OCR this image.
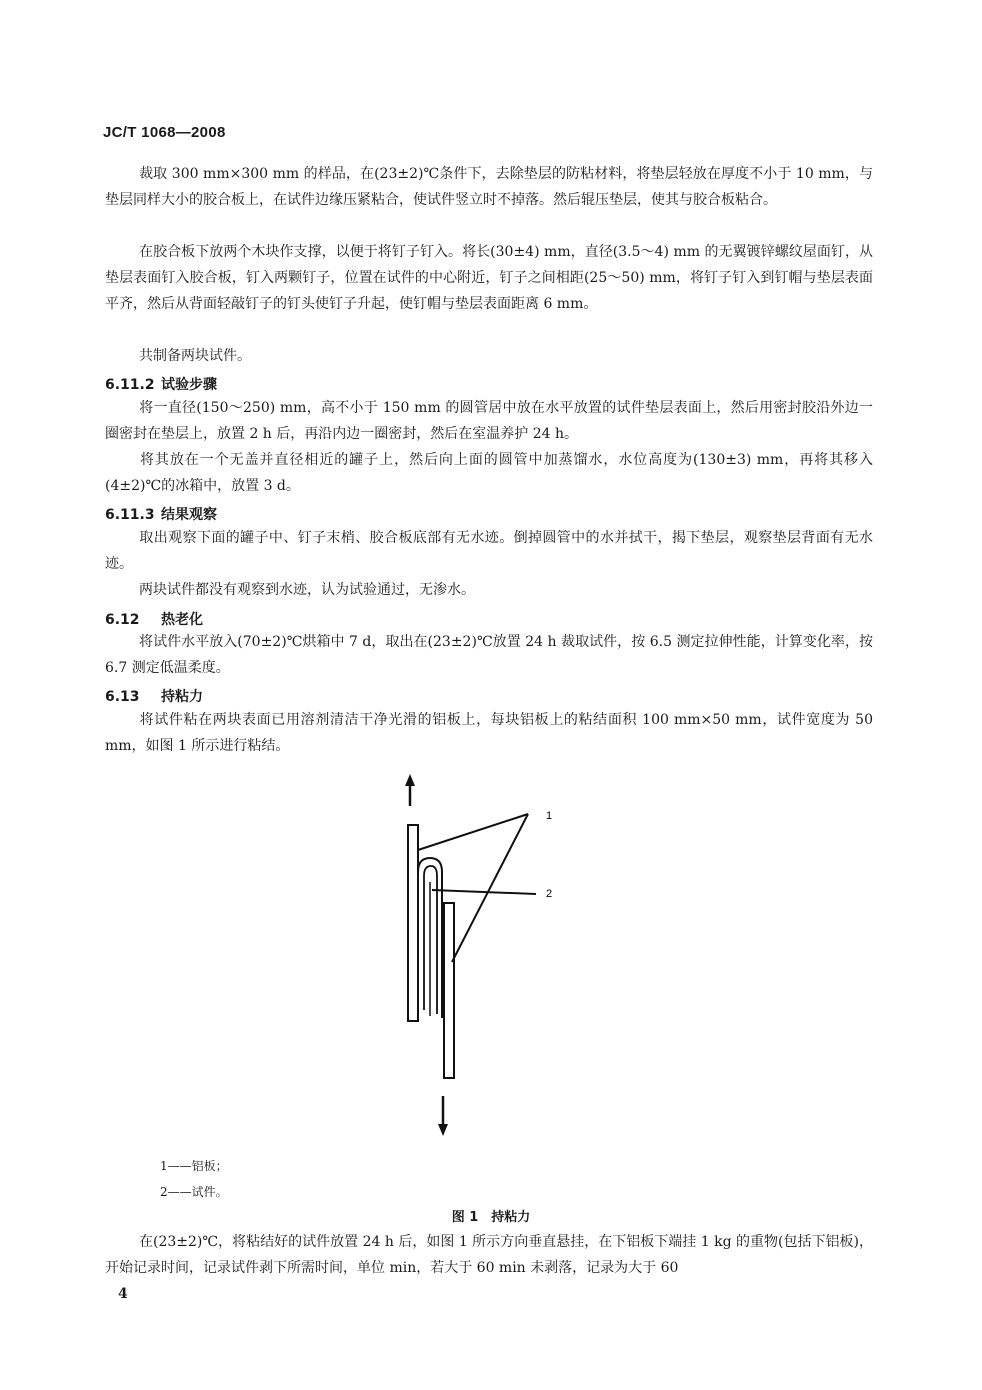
JC/T 1068—2008

裁取 300 mm×300 mm 的样品，在(23±2)℃条件下，去除垫层的防粘材料，将垫层轻放在厚度不小于 10 mm，与垫层同样大小的胶合板上，在试件边缘压紧粘合，使试件竖立时不掉落。然后辊压垫层，使其与胶合板粘合。

在胶合板下放两个木块作支撑，以便于将钉子钉入。将长(30±4) mm，直径(3.5～4) mm 的无翼镀锌螺纹屋面钉，从垫层表面钉入胶合板，钉入两颗钉子，位置在试件的中心附近，钉子之间相距(25～50) mm，将钉子钉入到钉帽与垫层表面平齐，然后从背面轻敲钉子的钉头使钉子升起，使钉帽与垫层表面距离 6 mm。

共制备两块试件。

6.11.2 试验步骤

将一直径(150～250) mm，高不小于 150 mm 的圆管居中放在水平放置的试件垫层表面上，然后用密封胶沿外边一圈密封在垫层上，放置 2 h 后，再沿内边一圈密封，然后在室温养护 24 h。

将其放在一个无盖并直径相近的罐子上，然后向上面的圆管中加蒸馏水，水位高度为(130±3) mm，再将其移入(4±2)℃的冰箱中，放置 3 d。

6.11.3 结果观察

取出观察下面的罐子中、钉子末梢、胶合板底部有无水迹。倒掉圆管中的水并拭干，揭下垫层，观察垫层背面有无水迹。

两块试件都没有观察到水迹，认为试验通过，无渗水。

6.12 热老化

将试件水平放入(70±2)℃烘箱中 7 d，取出在(23±2)℃放置 24 h 裁取试件，按 6.5 测定拉伸性能，计算变化率，按 6.7 测定低温柔度。

6.13 持粘力

将试件粘在两块表面已用溶剂清洁干净光滑的铝板上，每块铝板上的粘结面积 100 mm×50 mm，试件宽度为 50 mm，如图 1 所示进行粘结。

1
2
1——铝板；
2——试件。
图 1　持粘力

在(23±2)℃，将粘结好的试件放置 24 h 后，如图 1 所示方向垂直悬挂，在下铝板下端挂 1 kg 的重物(包括下铝板)，开始记录时间，记录试件剥下所需时间，单位 min，若大于 60 min 未剥落，记录为大于 60

4
